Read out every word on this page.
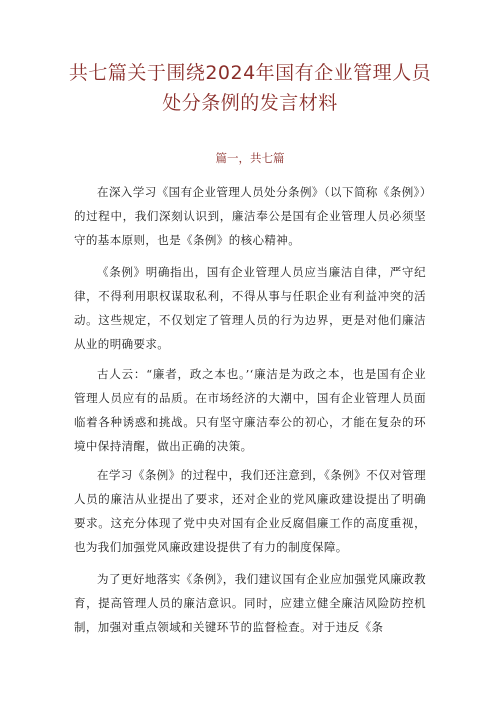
共七篇关于围绕2024年国有企业管理人员
处分条例的发言材料
篇一，共七篇

在深入学习《国有企业管理人员处分条例》（以下简称《条例》）的过程中，我们深刻认识到，廉洁奉公是国有企业管理人员必须坚守的基本原则，也是《条例》的核心精神。

《条例》明确指出，国有企业管理人员应当廉洁自律，严守纪律，不得利用职权谋取私利，不得从事与任职企业有利益冲突的活动。这些规定，不仅划定了管理人员的行为边界，更是对他们廉洁从业的明确要求。

古人云：“廉者，政之本也。’‘廉洁是为政之本，也是国有企业管理人员应有的品质。在市场经济的大潮中，国有企业管理人员面临着各种诱惑和挑战。只有坚守廉洁奉公的初心，才能在复杂的环境中保持清醒，做出正确的决策。

在学习《条例》的过程中，我们还注意到，《条例》不仅对管理人员的廉洁从业提出了要求，还对企业的党风廉政建设提出了明确要求。这充分体现了党中央对国有企业反腐倡廉工作的高度重视，也为我们加强党风廉政建设提供了有力的制度保障。

为了更好地落实《条例》，我们建议国有企业应加强党风廉政教育，提高管理人员的廉洁意识。同时，应建立健全廉洁风险防控机制，加强对重点领域和关键环节的监督检查。对于违反《条
